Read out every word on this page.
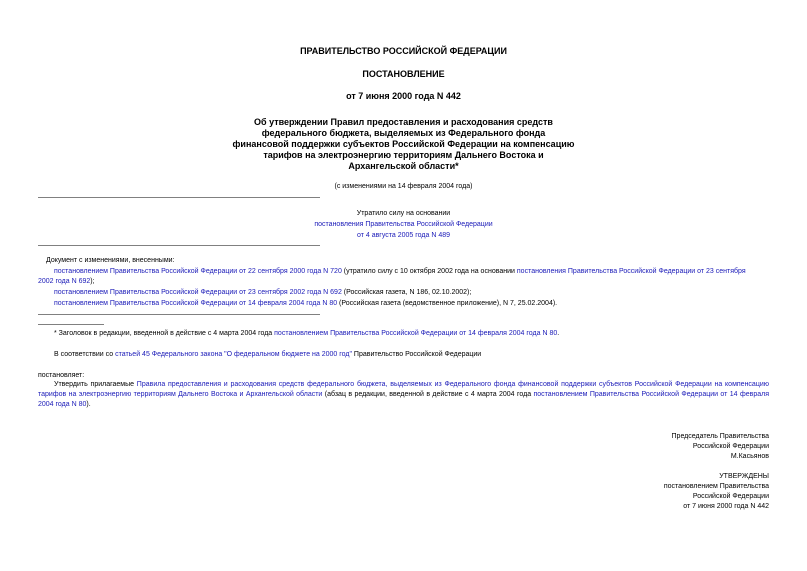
ПРАВИТЕЛЬСТВО РОССИЙСКОЙ ФЕДЕРАЦИИ
ПОСТАНОВЛЕНИЕ
от 7 июня 2000 года N 442
Об утверждении Правил предоставления и расходования средств
федерального бюджета, выделяемых из Федерального фонда
финансовой поддержки субъектов Российской Федерации на компенсацию
тарифов на электроэнергию территориям Дальнего Востока и
Архангельской области*
(с изменениями на 14 февраля 2004 года)
Утратило силу на основании
постановления Правительства Российской Федерации
от 4 августа 2005 года N 489
Документ с изменениями, внесенными:
постановлением Правительства Российской Федерации от 22 сентября 2000 года N 720 (утратило силу с 10 октября 2002 года на основании постановления Правительства Российской Федерации от 23 сентября
2002 года N 692);
постановлением Правительства Российской Федерации от 23 сентября 2002 года N 692 (Российская газета, N 186, 02.10.2002);
постановлением Правительства Российской Федерации от 14 февраля 2004 года N 80 (Российская газета (ведомственное приложение), N 7, 25.02.2004).
* Заголовок в редакции, введенной в действие с 4 марта 2004 года постановлением Правительства Российской Федерации от 14 февраля 2004 года N 80.
В соответствии со статьей 45 Федерального закона "О федеральном бюджете на 2000 год" Правительство Российской Федерации
постановляет:
Утвердить прилагаемые Правила предоставления и расходования средств федерального бюджета, выделяемых из Федерального фонда финансовой поддержки субъектов Российской Федерации на компенсацию тарифов на электроэнергию территориям Дальнего Востока и Архангельской области (абзац в редакции, введенной в действие с 4 марта 2004 года постановлением Правительства Российской Федерации от 14 февраля 2004 года N 80).
Председатель Правительства
Российской Федерации
М.Касьянов
УТВЕРЖДЕНЫ
постановлением Правительства
Российской Федерации
от 7 июня 2000 года N 442
